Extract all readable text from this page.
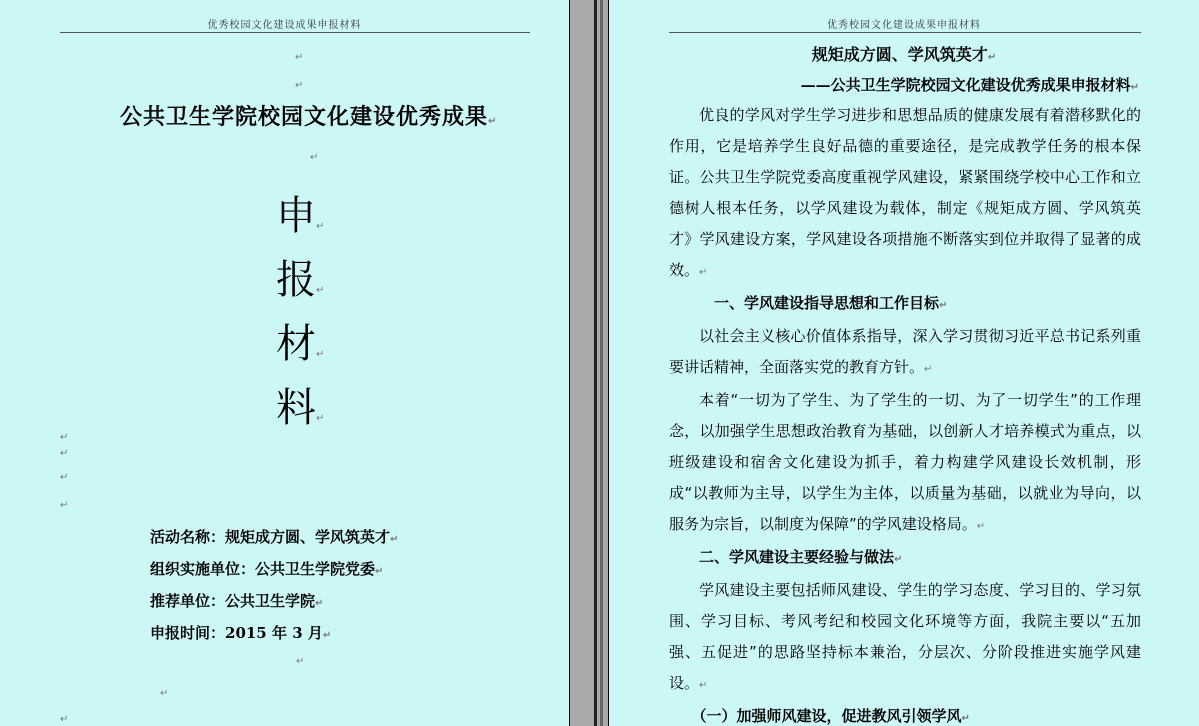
优秀校园文化建设成果申报材料
↵
↵
公共卫生学院校园文化建设优秀成果↵
↵
申↵
报↵
材↵
料↵
↵
↵
↵
↵
活动名称：规矩成方圆、学风筑英才↵
组织实施单位：公共卫生学院党委↵
推荐单位：公共卫生学院↵
申报时间：2015 年 3 月↵
↵
↵
↵
优秀校园文化建设成果申报材料
规矩成方圆、学风筑英才↵
——公共卫生学院校园文化建设优秀成果申报材料↵

优良的学风对学生学习进步和思想品质的健康发展有着潜移默化的作用，它是培养学生良好品德的重要途径，是完成教学任务的根本保证。公共卫生学院党委高度重视学风建设，紧紧围绕学校中心工作和立德树人根本任务，以学风建设为载体，制定《规矩成方圆、学风筑英才》学风建设方案，学风建设各项措施不断落实到位并取得了显著的成效。↵

一、学风建设指导思想和工作目标↵

以社会主义核心价值体系指导，深入学习贯彻习近平总书记系列重要讲话精神，全面落实党的教育方针。↵

本着“一切为了学生、为了学生的一切、为了一切学生”的工作理念，以加强学生思想政治教育为基础，以创新人才培养模式为重点，以班级建设和宿舍文化建设为抓手，着力构建学风建设长效机制，形成“以教师为主导，以学生为主体，以质量为基础，以就业为导向，以服务为宗旨，以制度为保障”的学风建设格局。↵

二、学风建设主要经验与做法↵

学风建设主要包括师风建设、学生的学习态度、学习目的、学习氛围、学习目标、考风考纪和校园文化环境等方面，我院主要以“五加强、五促进”的思路坚持标本兼治，分层次、分阶段推进实施学风建设。↵

（一）加强师风建设，促进教风引领学风↵
